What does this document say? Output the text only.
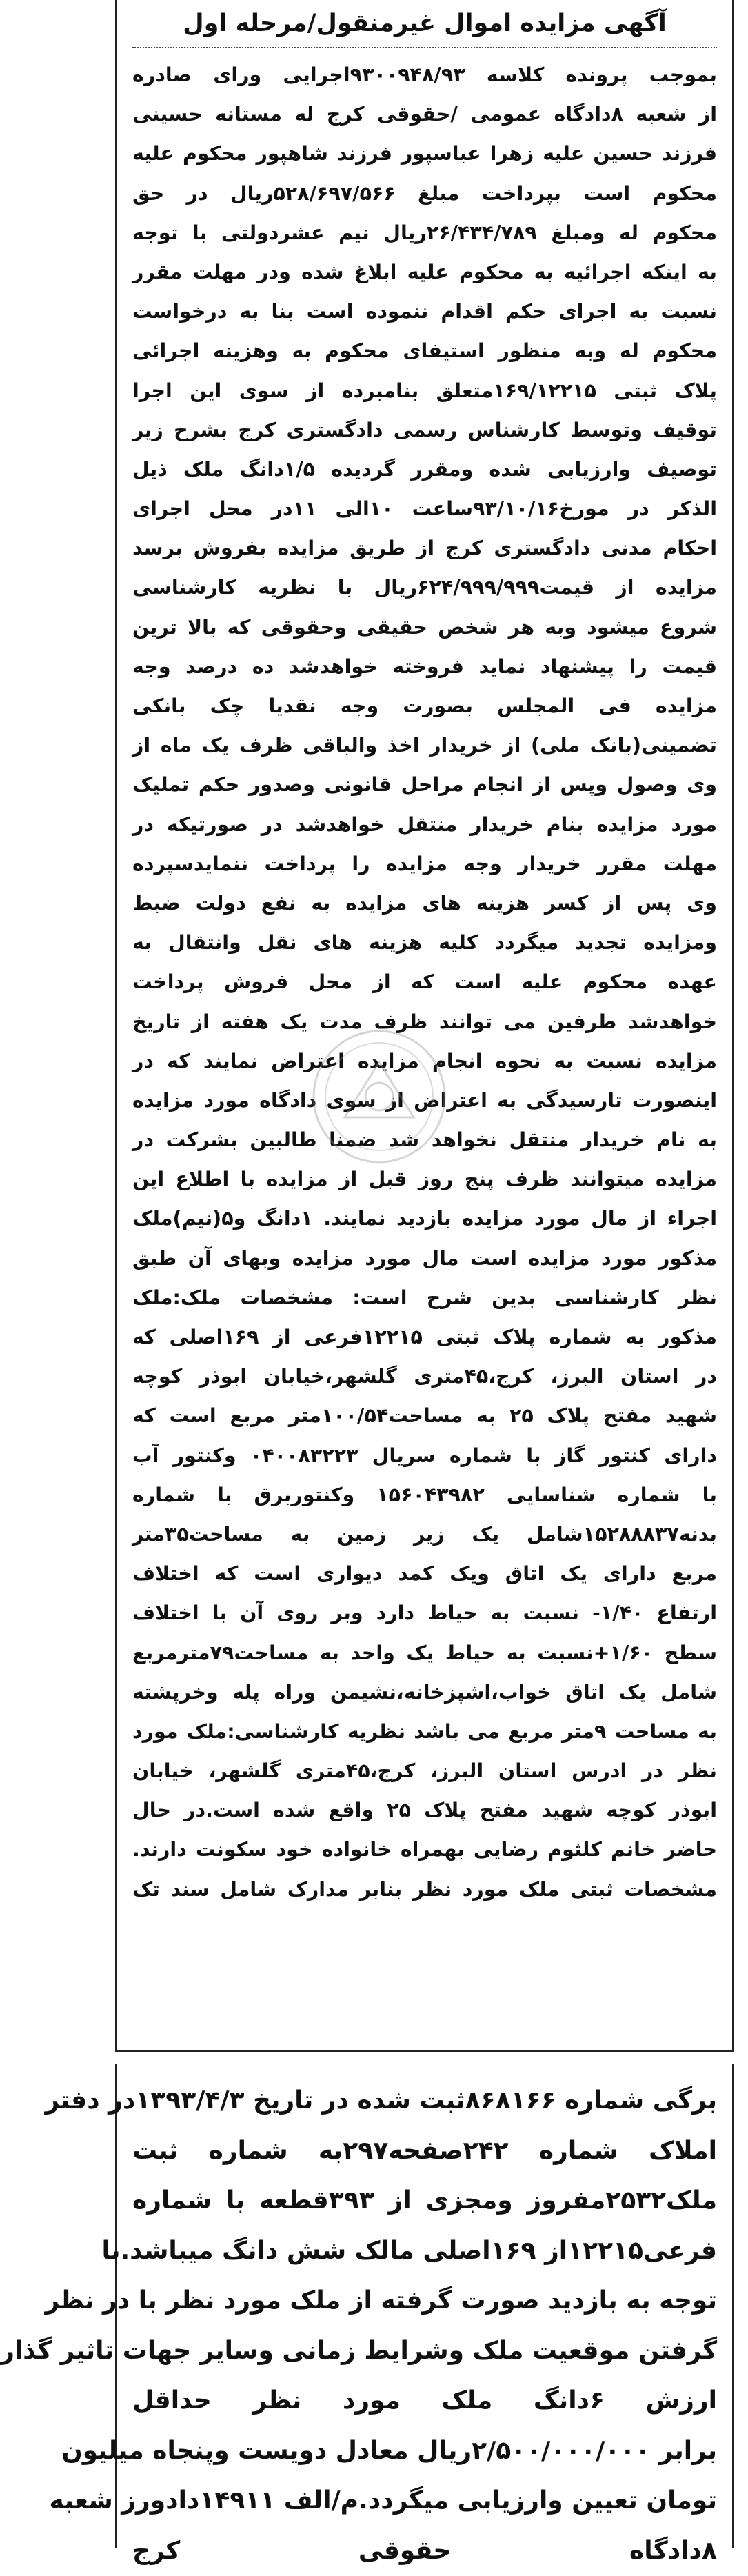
آگهی مزایده اموال غیرمنقول/مرحله اول
بموجب پرونده کلاسه ۹۳۰۰۹۴۸/۹۳اجرایی ورای صادره
از شعبه ۸دادگاه عمومی /حقوقی کرج له مستانه حسینی
فرزند حسین علیه زهرا عباسپور فرزند شاهپور محکوم علیه
محکوم است بپرداخت مبلغ ۵۲۸/۶۹۷/۵۶۶ریال در حق
محکوم له ومبلغ ۲۶/۴۳۴/۷۸۹ریال نیم عشردولتی با توجه
به اینکه اجرائیه به محکوم علیه ابلاغ شده ودر مهلت مقرر
نسبت به اجرای حکم اقدام ننموده است بنا به درخواست
محکوم له وبه منظور استیفای محکوم به وهزینه اجرائی
پلاک ثبتی ۱۶۹/۱۲۲۱۵متعلق بنامبرده از سوی این اجرا
توقیف وتوسط کارشناس رسمی دادگستری کرج بشرح زیر
توصیف وارزیابی شده ومقرر گردیده ۱/۵دانگ ملک ذیل
الذکر در مورخ۹۳/۱۰/۱۶ساعت ۱۰الی ۱۱در محل اجرای
احکام مدنی دادگستری کرج از طریق مزایده بفروش برسد
مزایده از قیمت۶۲۴/۹۹۹/۹۹۹ریال با نظریه کارشناسی
شروع میشود وبه هر شخص حقیقی وحقوقی که بالا ترین
قیمت را پیشنهاد نماید فروخته خواهدشد ده درصد وجه
مزایده فی المجلس بصورت وجه نقدیا چک بانکی
تضمینی(بانک ملی) از خریدار اخذ والباقی ظرف یک ماه از
وی وصول وپس از انجام مراحل قانونی وصدور حکم تملیک
مورد مزایده بنام خریدار منتقل خواهدشد در صورتیکه در
مهلت مقرر خریدار وجه مزایده را پرداخت ننمایدسپرده
وی پس از کسر هزینه های مزایده به نفع دولت ضبط
ومزایده تجدید میگردد کلیه هزینه های نقل وانتقال به
عهده محکوم علیه است که از محل فروش پرداخت
خواهدشد طرفین می توانند ظرف مدت یک هفته از تاریخ
مزایده نسبت به نحوه انجام مزایده اعتراض نمایند که در
اینصورت تارسیدگی به اعتراض از سوی دادگاه مورد مزایده
به نام خریدار منتقل نخواهد شد ضمنا طالبین بشرکت در
مزایده میتوانند ظرف پنج روز قبل از مزایده با اطلاع این
اجراء از مال مورد مزایده بازدید نمایند. ۱دانگ و۵(نیم)ملک
مذکور مورد مزایده است مال مورد مزایده وبهای آن طبق
نظر کارشناسی بدین شرح است: مشخصات ملک:ملک
مذکور به شماره پلاک ثبتی ۱۲۲۱۵فرعی از ۱۶۹اصلی که
در استان البرز، کرج،۴۵متری گلشهر،خیابان ابوذر کوچه
شهید مفتح پلاک ۲۵ به مساحت۱۰۰/۵۴متر مربع است که
دارای کنتور گاز با شماره سریال ۰۴۰۰۸۳۲۲۳ وکنتور آب
با شماره شناسایی ۱۵۶۰۴۳۹۸۲ وکنتوربرق با شماره
بدنه۱۵۲۸۸۸۳۷شامل یک زیر زمین به مساحت۳۵متر
مربع دارای یک اتاق ویک کمد دیواری است که اختلاف
ارتفاع ۱/۴۰- نسبت به حیاط دارد وبر روی آن با اختلاف
سطح ۱/۶۰+نسبت به حیاط یک واحد به مساحت۷۹مترمربع
شامل یک اتاق خواب،اشپزخانه،نشیمن وراه پله وخرپشته
به مساحت ۹متر مربع می باشد نظریه کارشناسی:ملک مورد
نظر در ادرس استان البرز، کرج،۴۵متری گلشهر، خیابان
ابوذر کوچه شهید مفتح پلاک ۲۵ واقع شده است.در حال
حاضر خانم کلثوم رضایی بهمراه خانواده خود سکونت دارند.
مشخصات ثبتی ملک مورد نظر بنابر مدارک شامل سند تک
برگی شماره ۸۶۸۱۶۶ثبت شده در تاریخ ۱۳۹۳/۴/۳در دفتر
املاک شماره ۲۴۲صفحه۲۹۷به شماره ثبت
ملک۲۵۳۲مفروز ومجزی از ۳۹۳قطعه با شماره
فرعی۱۲۲۱۵از ۱۶۹اصلی مالک شش دانگ میباشد.با
توجه به بازدید صورت گرفته از ملک مورد نظر با در نظر
گرفتن موقعیت ملک وشرایط زمانی وسایر جهات تاثیر گذار
ارزش ۶دانگ ملک مورد نظر حداقل
برابر ۲/۵۰۰/۰۰۰/۰۰۰ریال معادل دویست وپنجاه میلیون
تومان تعیین وارزیابی میگردد.م/الف ۱۴۹۱۱دادورز شعبه
۸دادگاه حقوقی کرج
